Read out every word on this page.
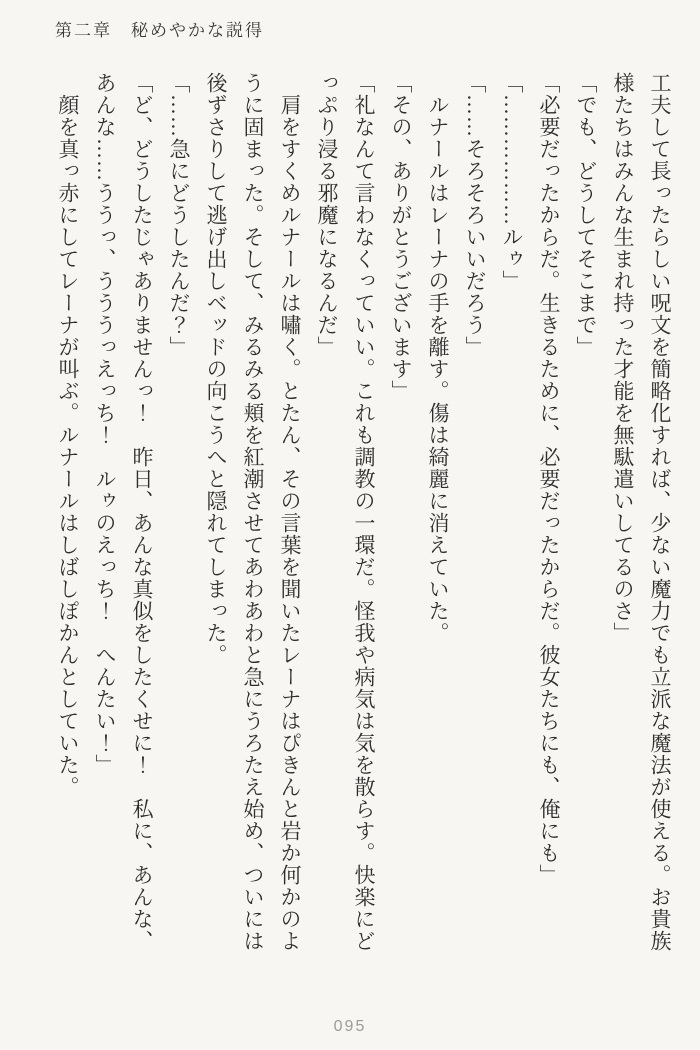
第二章　秘めやかな説得

工夫して長ったらしい呪文を簡略化すれば、少ない魔力でも立派な魔法が使える。お貴族

様たちはみんな生まれ持った才能を無駄遣いしてるのさ」

「でも、どうしてそこまで」

「必要だったからだ。生きるために、必要だったからだ。彼女たちにも、俺にも」

「………………ルゥ」

「……そろそろいいだろう」

　ルナールはレーナの手を離す。傷は綺麗に消えていた。

「その、ありがとうございます」

「礼なんて言わなくっていい。これも調教の一環だ。怪我や病気は気を散らす。快楽にど

っぷり浸る邪魔になるんだ」

　肩をすくめルナールは嘯く。とたん、その言葉を聞いたレーナはぴきんと岩か何かのよ

うに固まった。そして、みるみる頬を紅潮させてあわあわと急にうろたえ始め、ついには

後ずさりして逃げ出しベッドの向こうへと隠れてしまった。

「……急にどうしたんだ？」

「ど、どうしたじゃありませんっ！　昨日、あんな真似をしたくせに！　私に、あんな、

あんな……ううっ、うううっえっち！　ルゥのえっち！　へんたい！」

　顔を真っ赤にしてレーナが叫ぶ。ルナールはしばしぽかんとしていた。

095
